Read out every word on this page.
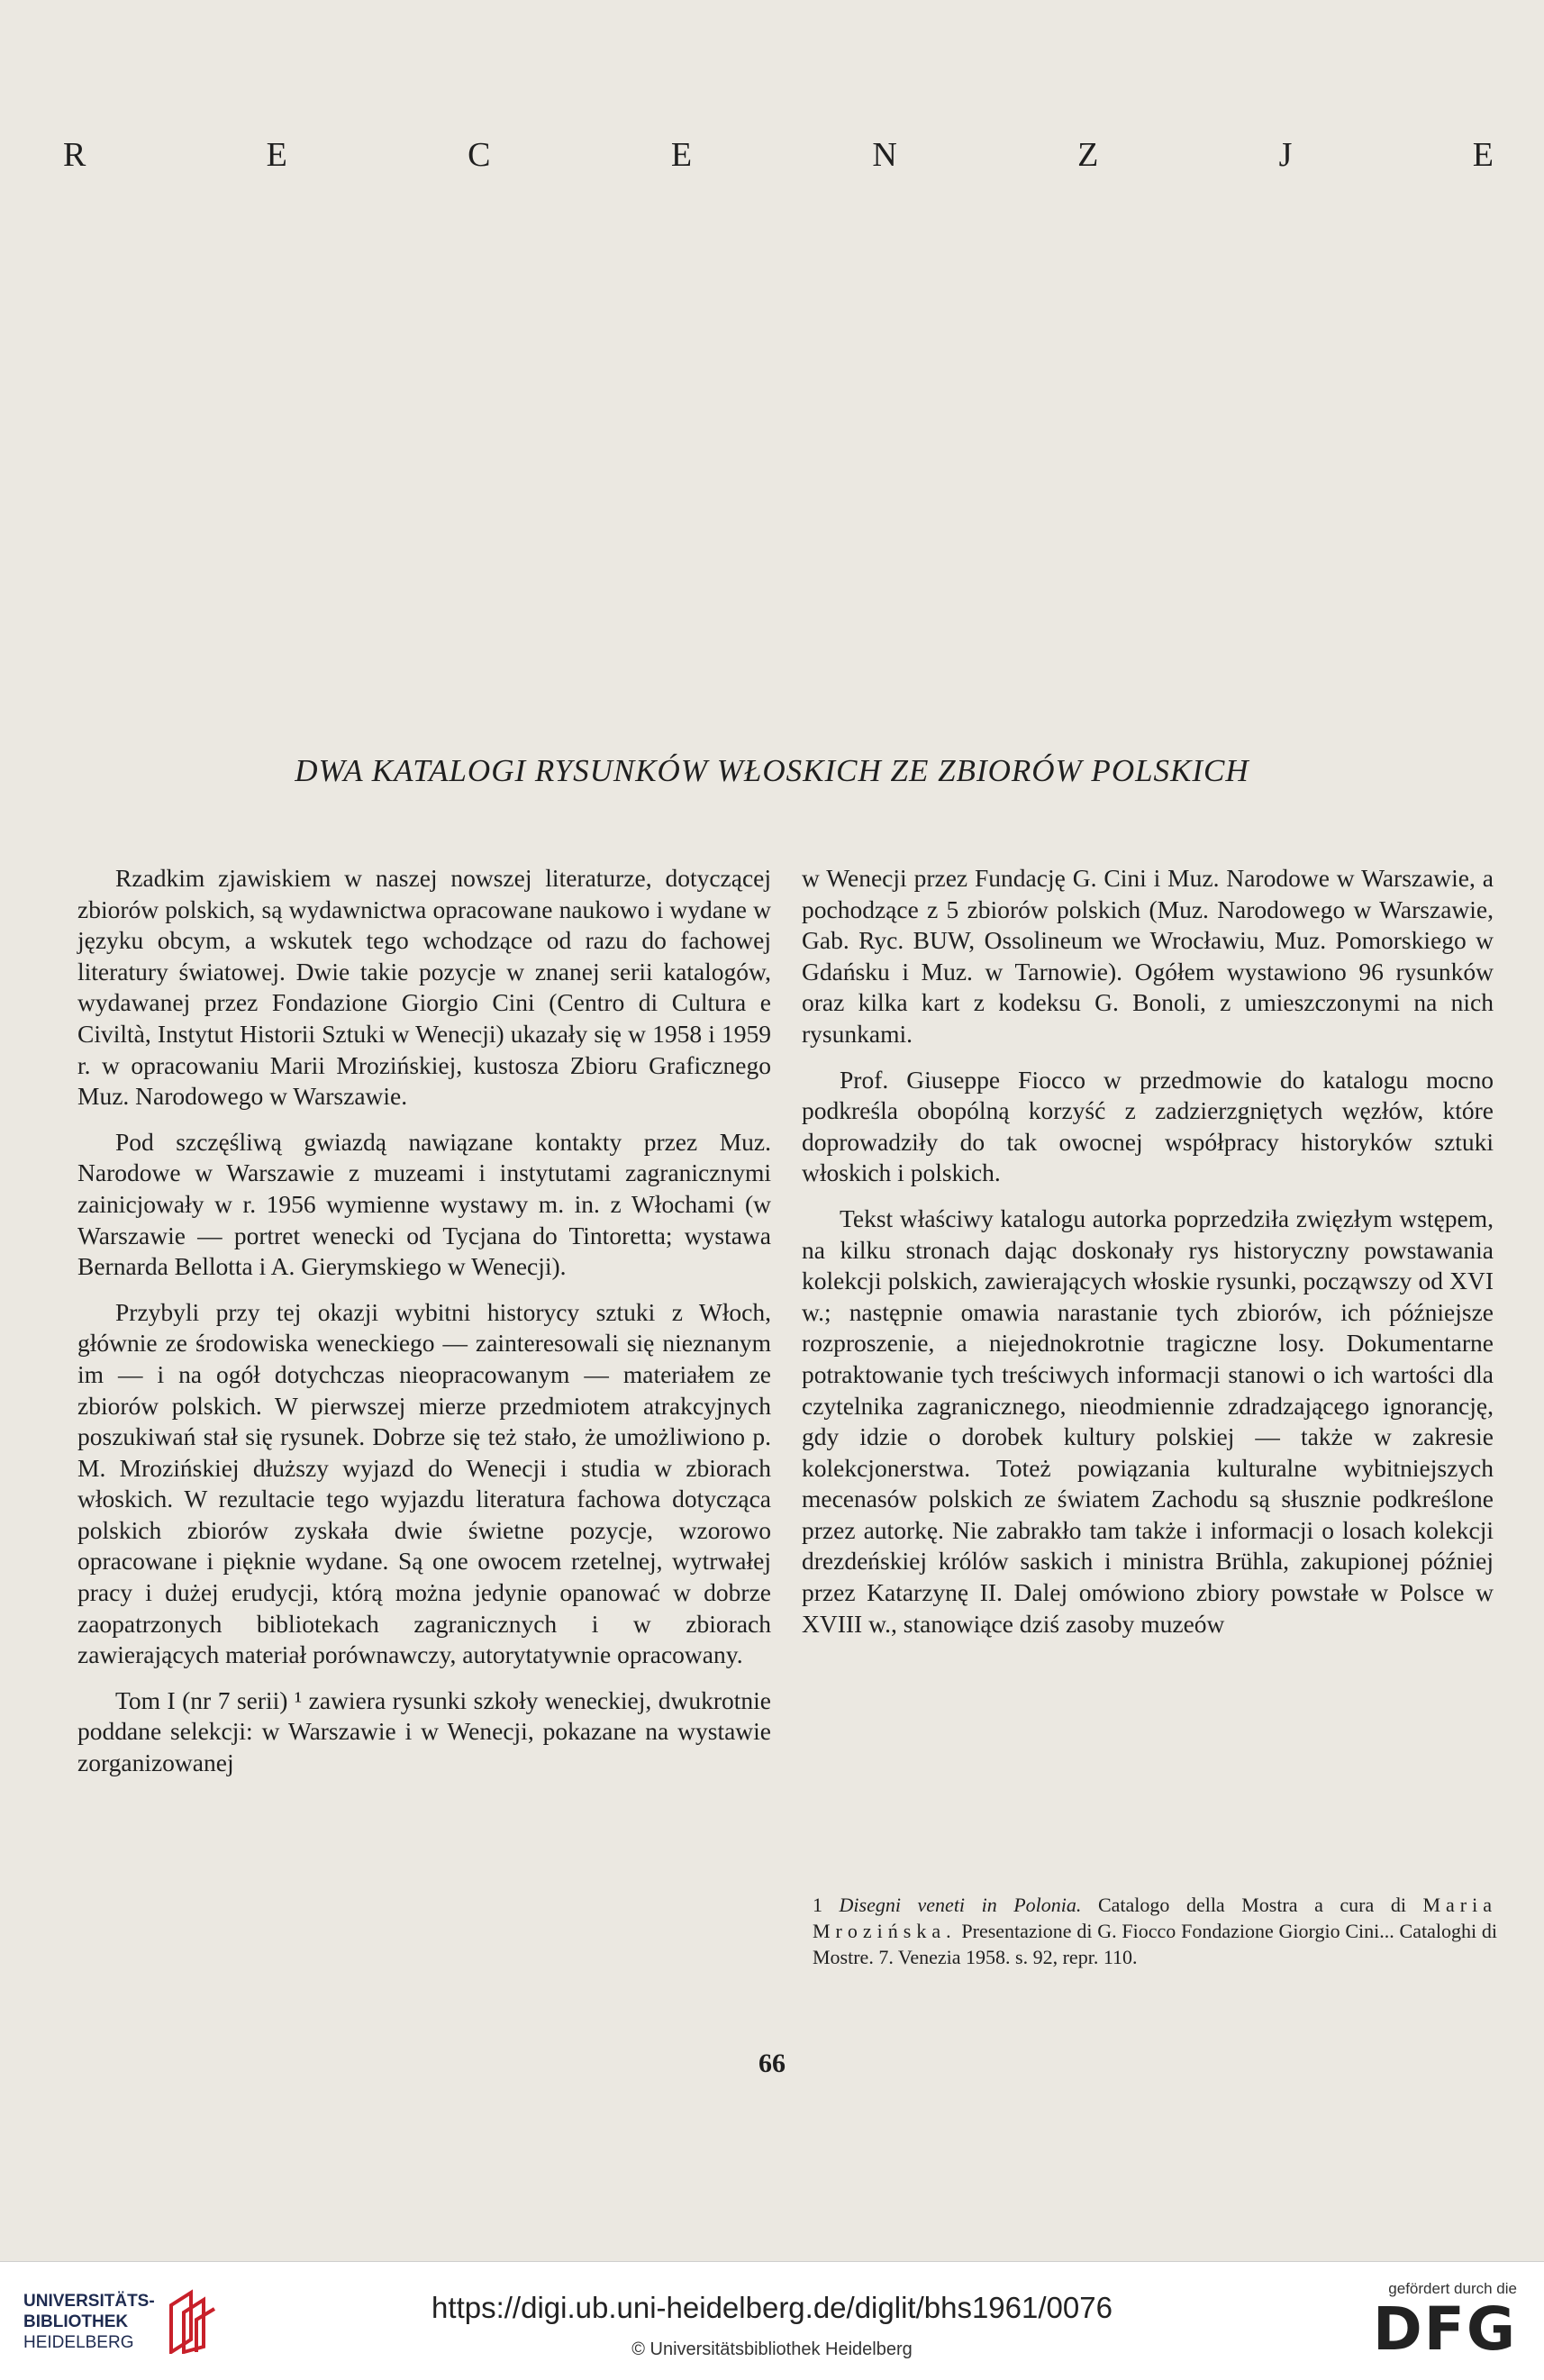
R	E	C	E	N	Z	J	E
DWA KATALOGI RYSUNKÓW WŁOSKICH ZE ZBIORÓW POLSKICH

Rzadkim zjawiskiem w naszej nowszej literaturze, dotyczącej zbiorów polskich, są wydawnictwa opracowane naukowo i wydane w języku obcym, a wskutek tego wchodzące od razu do fachowej literatury światowej. Dwie takie pozycje w znanej serii katalogów, wydawanej przez Fondazione Giorgio Cini (Centro di Cultura e Civiltà, Instytut Historii Sztuki w Wenecji) ukazały się w 1958 i 1959 r. w opracowaniu Marii Mrozińskiej, kustosza Zbioru Graficznego Muz. Narodowego w Warszawie.

Pod szczęśliwą gwiazdą nawiązane kontakty przez Muz. Narodowe w Warszawie z muzeami i instytutami zagranicznymi zainicjowały w r. 1956 wymienne wystawy m. in. z Włochami (w Warszawie — portret wenecki od Tycjana do Tintoretta; wystawa Bernarda Bellotta i A. Gierymskiego w Wenecji).

Przybyli przy tej okazji wybitni historycy sztuki z Włoch, głównie ze środowiska weneckiego — zainteresowali się nieznanym im — i na ogół dotychczas nieopracowanym — materiałem ze zbiorów polskich. W pierwszej mierze przedmiotem atrakcyjnych poszukiwań stał się rysunek. Dobrze się też stało, że umożliwiono p. M. Mrozińskiej dłuższy wyjazd do Wenecji i studia w zbiorach włoskich. W rezultacie tego wyjazdu literatura fachowa dotycząca polskich zbiorów zyskała dwie świetne pozycje, wzorowo opracowane i pięknie wydane. Są one owocem rzetelnej, wytrwałej pracy i dużej erudycji, którą można jedynie opanować w dobrze zaopatrzonych bibliotekach zagranicznych i w zbiorach zawierających materiał porównawczy, autorytatywnie opracowany.

Tom I (nr 7 serii) ¹ zawiera rysunki szkoły weneckiej, dwukrotnie poddane selekcji: w Warszawie i w Wenecji, pokazane na wystawie zorganizowanej

w Wenecji przez Fundację G. Cini i Muz. Narodowe w Warszawie, a pochodzące z 5 zbiorów polskich (Muz. Narodowego w Warszawie, Gab. Ryc. BUW, Ossolineum we Wrocławiu, Muz. Pomorskiego w Gdańsku i Muz. w Tarnowie). Ogółem wystawiono 96 rysunków oraz kilka kart z kodeksu G. Bonoli, z umieszczonymi na nich rysunkami.

Prof. Giuseppe Fiocco w przedmowie do katalogu mocno podkreśla obopólną korzyść z zadzierzgniętych węzłów, które doprowadziły do tak owocnej współpracy historyków sztuki włoskich i polskich.

Tekst właściwy katalogu autorka poprzedziła zwięzłym wstępem, na kilku stronach dając doskonały rys historyczny powstawania kolekcji polskich, zawierających włoskie rysunki, począwszy od XVI w.; następnie omawia narastanie tych zbiorów, ich późniejsze rozproszenie, a niejednokrotnie tragiczne losy. Dokumentarne potraktowanie tych treściwych informacji stanowi o ich wartości dla czytelnika zagranicznego, nieodmiennie zdradzającego ignorancję, gdy idzie o dorobek kultury polskiej — także w zakresie kolekcjonerstwa. Toteż powiązania kulturalne wybitniejszych mecenasów polskich ze światem Zachodu są słusznie podkreślone przez autorkę. Nie zabrakło tam także i informacji o losach kolekcji drezdeńskiej królów saskich i ministra Brühla, zakupionej później przez Katarzynę II. Dalej omówiono zbiory powstałe w Polsce w XVIII w., stanowiące dziś zasoby muzeów

1 Disegni veneti in Polonia. Catalogo della Mostra a cura di Maria Mrozińska. Presentazione di G. Fiocco Fondazione Giorgio Cini... Cataloghi di Mostre. 7. Venezia 1958. s. 92, repr. 110.
66
UNIVERSITÄTS-
BIBLIOTHEK
HEIDELBERG
https://digi.ub.uni-heidelberg.de/diglit/bhs1961/0076
© Universitätsbibliothek Heidelberg
gefördert durch die
DFG
